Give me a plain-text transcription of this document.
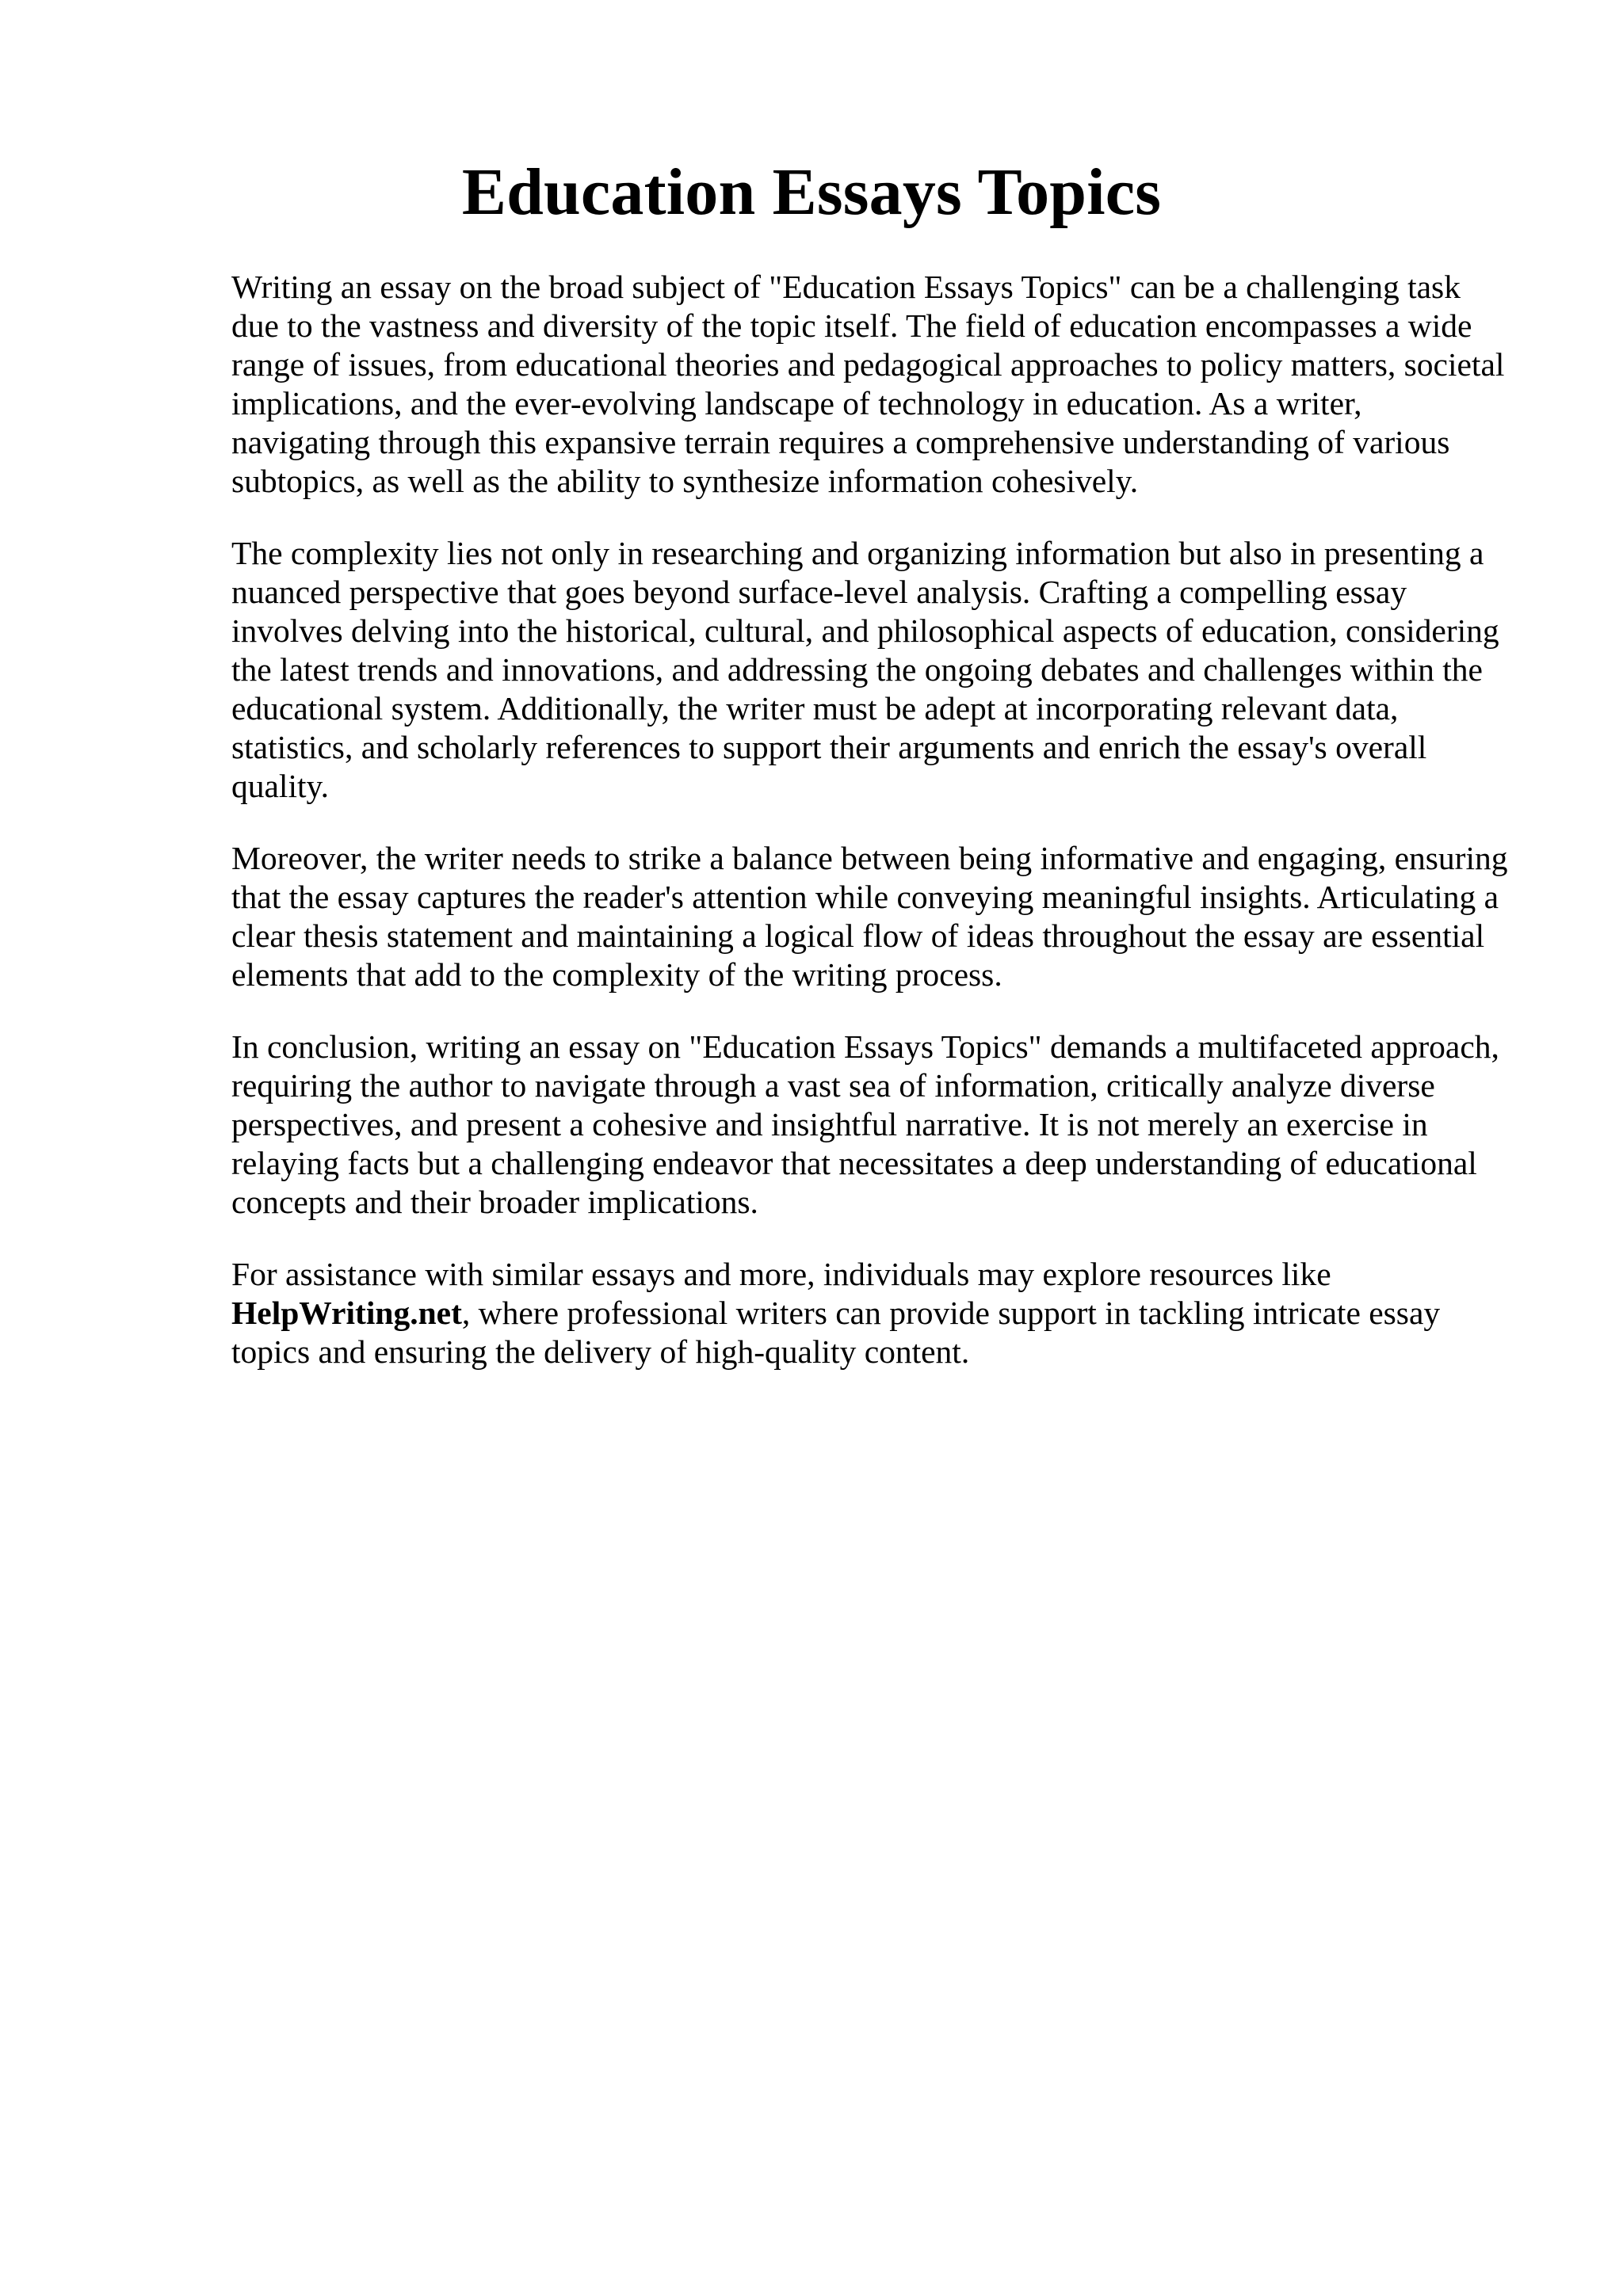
Education Essays Topics

Writing an essay on the broad subject of "Education Essays Topics" can be a challenging task
due to the vastness and diversity of the topic itself. The field of education encompasses a wide
range of issues, from educational theories and pedagogical approaches to policy matters, societal
implications, and the ever-evolving landscape of technology in education. As a writer,
navigating through this expansive terrain requires a comprehensive understanding of various
subtopics, as well as the ability to synthesize information cohesively.

The complexity lies not only in researching and organizing information but also in presenting a
nuanced perspective that goes beyond surface-level analysis. Crafting a compelling essay
involves delving into the historical, cultural, and philosophical aspects of education, considering
the latest trends and innovations, and addressing the ongoing debates and challenges within the
educational system. Additionally, the writer must be adept at incorporating relevant data,
statistics, and scholarly references to support their arguments and enrich the essay's overall
quality.

Moreover, the writer needs to strike a balance between being informative and engaging, ensuring
that the essay captures the reader's attention while conveying meaningful insights. Articulating a
clear thesis statement and maintaining a logical flow of ideas throughout the essay are essential
elements that add to the complexity of the writing process.

In conclusion, writing an essay on "Education Essays Topics" demands a multifaceted approach,
requiring the author to navigate through a vast sea of information, critically analyze diverse
perspectives, and present a cohesive and insightful narrative. It is not merely an exercise in
relaying facts but a challenging endeavor that necessitates a deep understanding of educational
concepts and their broader implications.

For assistance with similar essays and more, individuals may explore resources like
HelpWriting.net, where professional writers can provide support in tackling intricate essay
topics and ensuring the delivery of high-quality content.
